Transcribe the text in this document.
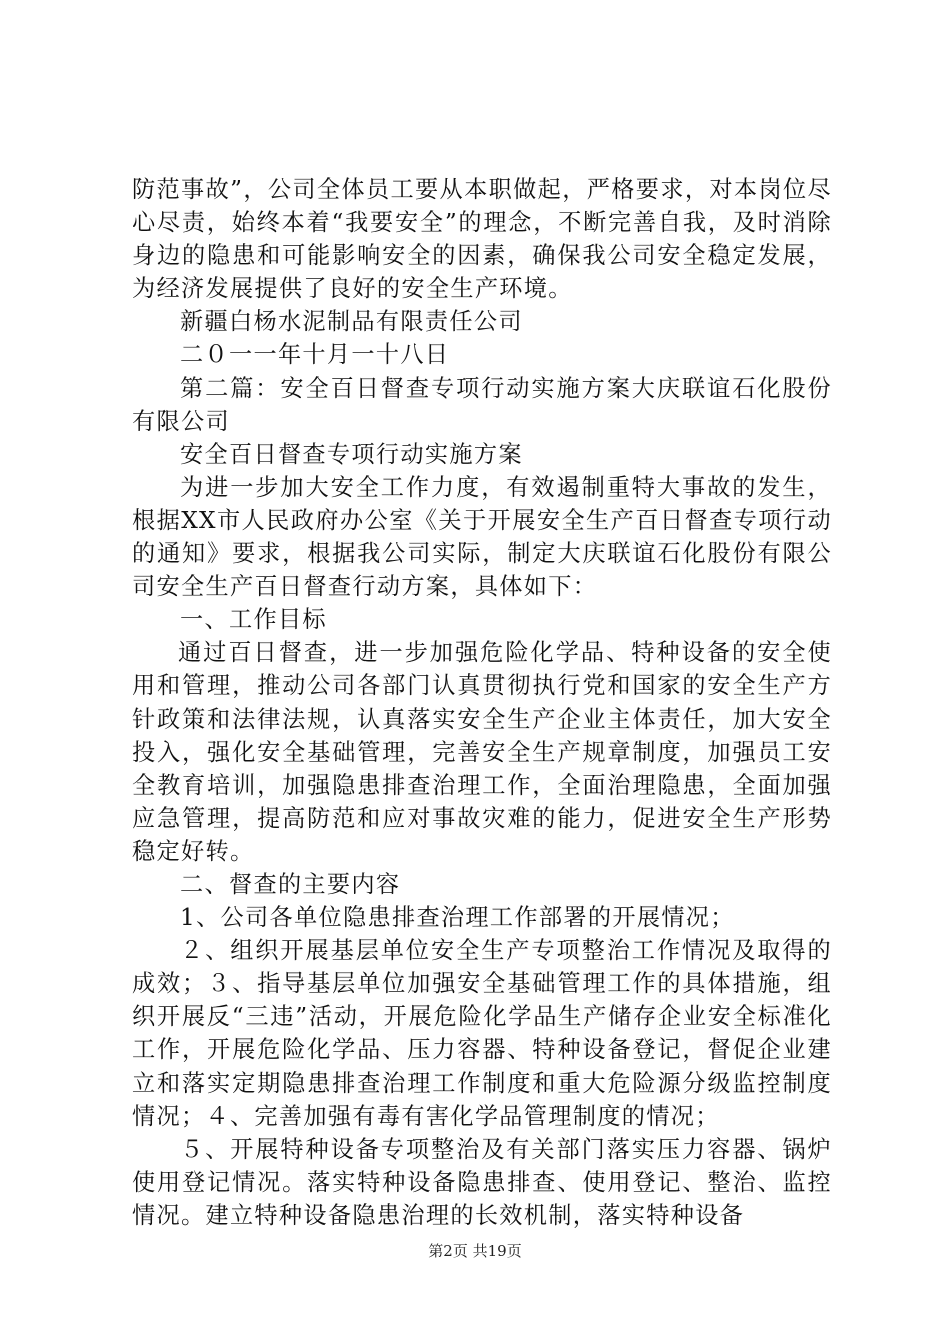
防范事故”，公司全体员工要从本职做起，严格要求，对本岗位尽心尽责，始终本着“我要安全”的理念，不断完善自我，及时消除身边的隐患和可能影响安全的因素，确保我公司安全稳定发展，为经济发展提供了良好的安全生产环境。

新疆白杨水泥制品有限责任公司

二０一一年十月一十八日

第二篇：安全百日督查专项行动实施方案大庆联谊石化股份有限公司

安全百日督查专项行动实施方案

为进一步加大安全工作力度，有效遏制重特大事故的发生，根据XX市人民政府办公室《关于开展安全生产百日督查专项行动的通知》要求，根据我公司实际，制定大庆联谊石化股份有限公司安全生产百日督查行动方案，具体如下：

一、工作目标

通过百日督查，进一步加强危险化学品、特种设备的安全使用和管理，推动公司各部门认真贯彻执行党和国家的安全生产方针政策和法律法规，认真落实安全生产企业主体责任，加大安全投入，强化安全基础管理，完善安全生产规章制度，加强员工安全教育培训，加强隐患排查治理工作，全面治理隐患，全面加强应急管理，提高防范和应对事故灾难的能力，促进安全生产形势稳定好转。

二、督查的主要内容

1、公司各单位隐患排查治理工作部署的开展情况；

２、组织开展基层单位安全生产专项整治工作情况及取得的成效；３、指导基层单位加强安全基础管理工作的具体措施，组织开展反“三违”活动，开展危险化学品生产储存企业安全标准化工作，开展危险化学品、压力容器、特种设备登记，督促企业建立和落实定期隐患排查治理工作制度和重大危险源分级监控制度情况；４、完善加强有毒有害化学品管理制度的情况；

５、开展特种设备专项整治及有关部门落实压力容器、锅炉使用登记情况。落实特种设备隐患排查、使用登记、整治、监控情况。建立特种设备隐患治理的长效机制，落实特种设备

第2页 共19页
